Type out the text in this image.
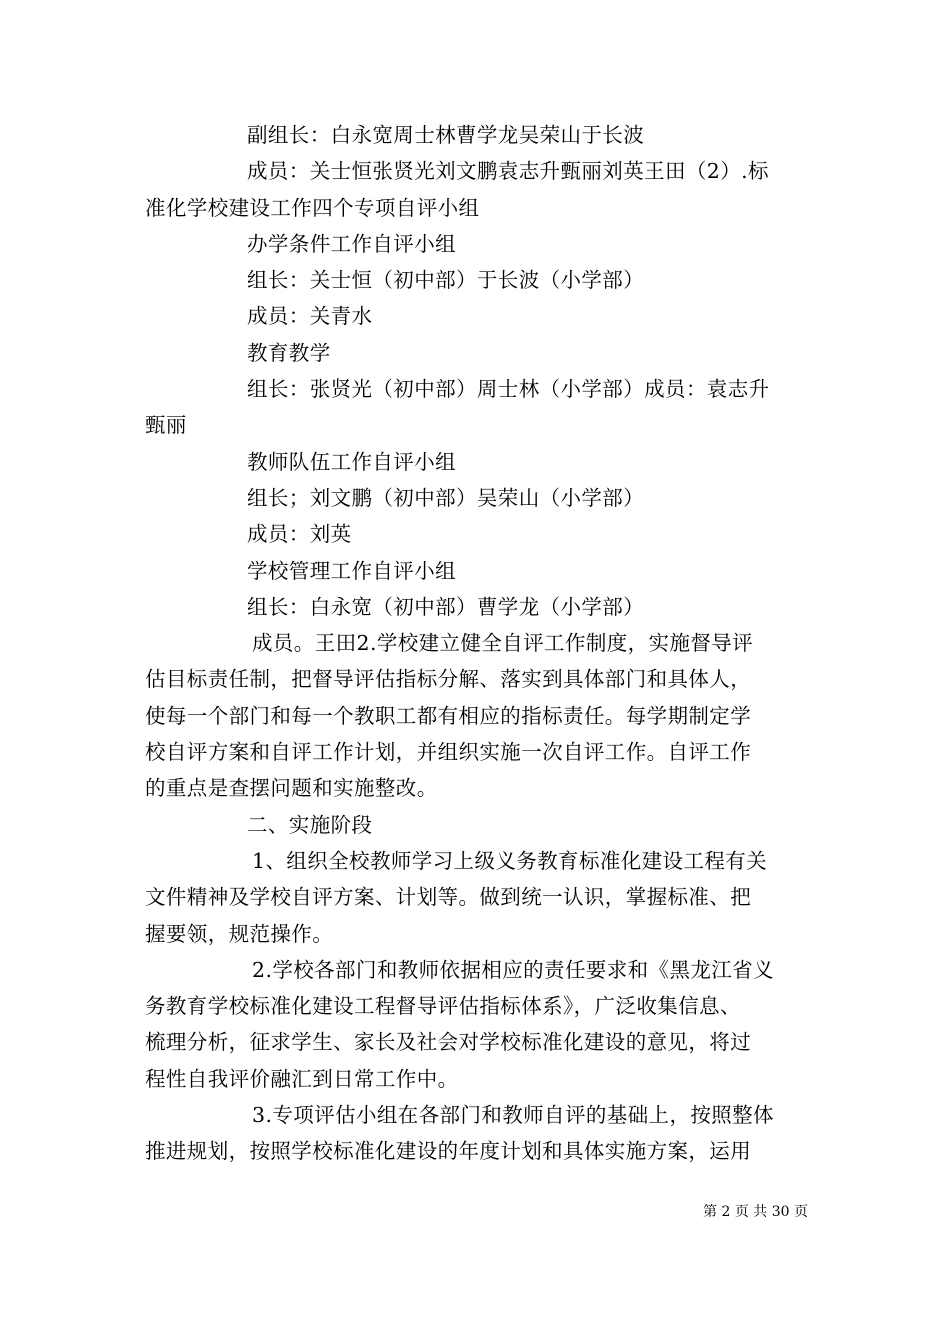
副组长：白永宽周士林曹学龙吴荣山于长波
成员：关士恒张贤光刘文鹏袁志升甄丽刘英王田（2）.标
准化学校建设工作四个专项自评小组
办学条件工作自评小组
组长：关士恒（初中部）于长波（小学部）
成员：关青水
教育教学
组长：张贤光（初中部）周士林（小学部）成员：袁志升
甄丽
教师队伍工作自评小组
组长；刘文鹏（初中部）吴荣山（小学部）
成员：刘英
学校管理工作自评小组
组长：白永宽（初中部）曹学龙（小学部）
成员。王田2.学校建立健全自评工作制度，实施督导评
估目标责任制，把督导评估指标分解、落实到具体部门和具体人，
使每一个部门和每一个教职工都有相应的指标责任。每学期制定学
校自评方案和自评工作计划，并组织实施一次自评工作。自评工作
的重点是查摆问题和实施整改。
二、实施阶段
1、组织全校教师学习上级义务教育标准化建设工程有关
文件精神及学校自评方案、计划等。做到统一认识，掌握标准、把
握要领，规范操作。
2.学校各部门和教师依据相应的责任要求和《黑龙江省义
务教育学校标准化建设工程督导评估指标体系》，广泛收集信息、
梳理分析，征求学生、家长及社会对学校标准化建设的意见，将过
程性自我评价融汇到日常工作中。
3.专项评估小组在各部门和教师自评的基础上，按照整体
推进规划，按照学校标准化建设的年度计划和具体实施方案，运用
第 2 页 共 30 页
